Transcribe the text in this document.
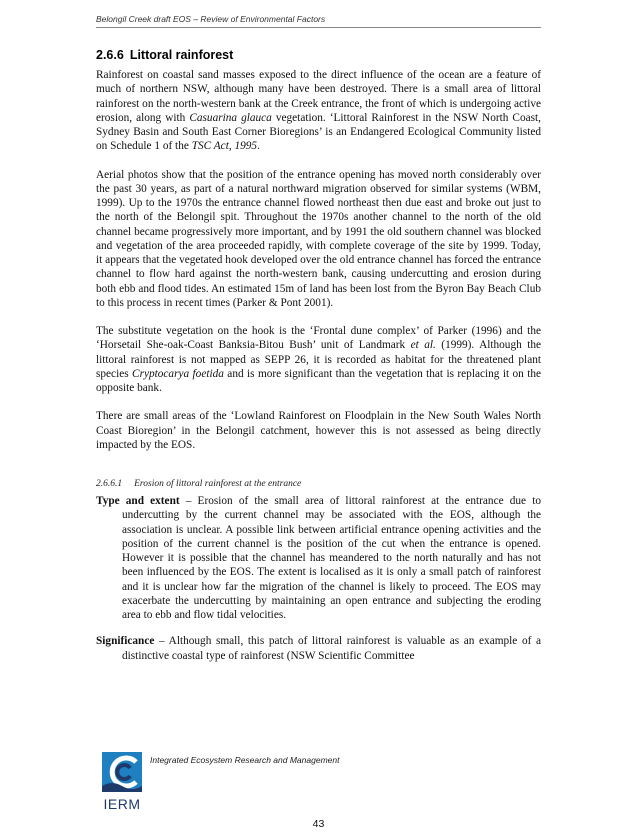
Belongil Creek draft EOS – Review of Environmental Factors
2.6.6 Littoral rainforest

Rainforest on coastal sand masses exposed to the direct influence of the ocean are a feature of much of northern NSW, although many have been destroyed. There is a small area of littoral rainforest on the north-western bank at the Creek entrance, the front of which is undergoing active erosion, along with Casuarina glauca vegetation. ‘Littoral Rainforest in the NSW North Coast, Sydney Basin and South East Corner Bioregions’ is an Endangered Ecological Community listed on Schedule 1 of the TSC Act, 1995.

Aerial photos show that the position of the entrance opening has moved north considerably over the past 30 years, as part of a natural northward migration observed for similar systems (WBM, 1999). Up to the 1970s the entrance channel flowed northeast then due east and broke out just to the north of the Belongil spit. Throughout the 1970s another channel to the north of the old channel became progressively more important, and by 1991 the old southern channel was blocked and vegetation of the area proceeded rapidly, with complete coverage of the site by 1999. Today, it appears that the vegetated hook developed over the old entrance channel has forced the entrance channel to flow hard against the north-western bank, causing undercutting and erosion during both ebb and flood tides. An estimated 15m of land has been lost from the Byron Bay Beach Club to this process in recent times (Parker & Pont 2001).

The substitute vegetation on the hook is the ‘Frontal dune complex’ of Parker (1996) and the ‘Horsetail She-oak-Coast Banksia-Bitou Bush’ unit of Landmark et al. (1999). Although the littoral rainforest is not mapped as SEPP 26, it is recorded as habitat for the threatened plant species Cryptocarya foetida and is more significant than the vegetation that is replacing it on the opposite bank.

There are small areas of the ‘Lowland Rainforest on Floodplain in the New South Wales North Coast Bioregion’ in the Belongil catchment, however this is not assessed as being directly impacted by the EOS.

2.6.6.1 Erosion of littoral rainforest at the entrance

Type and extent – Erosion of the small area of littoral rainforest at the entrance due to undercutting by the current channel may be associated with the EOS, although the association is unclear. A possible link between artificial entrance opening activities and the position of the current channel is the position of the cut when the entrance is opened. However it is possible that the channel has meandered to the north naturally and has not been influenced by the EOS. The extent is localised as it is only a small patch of rainforest and it is unclear how far the migration of the channel is likely to proceed. The EOS may exacerbate the undercutting by maintaining an open entrance and subjecting the eroding area to ebb and flow tidal velocities.

Significance – Although small, this patch of littoral rainforest is valuable as an example of a distinctive coastal type of rainforest (NSW Scientific Committee

IERM
Integrated Ecosystem Research and Management
43
